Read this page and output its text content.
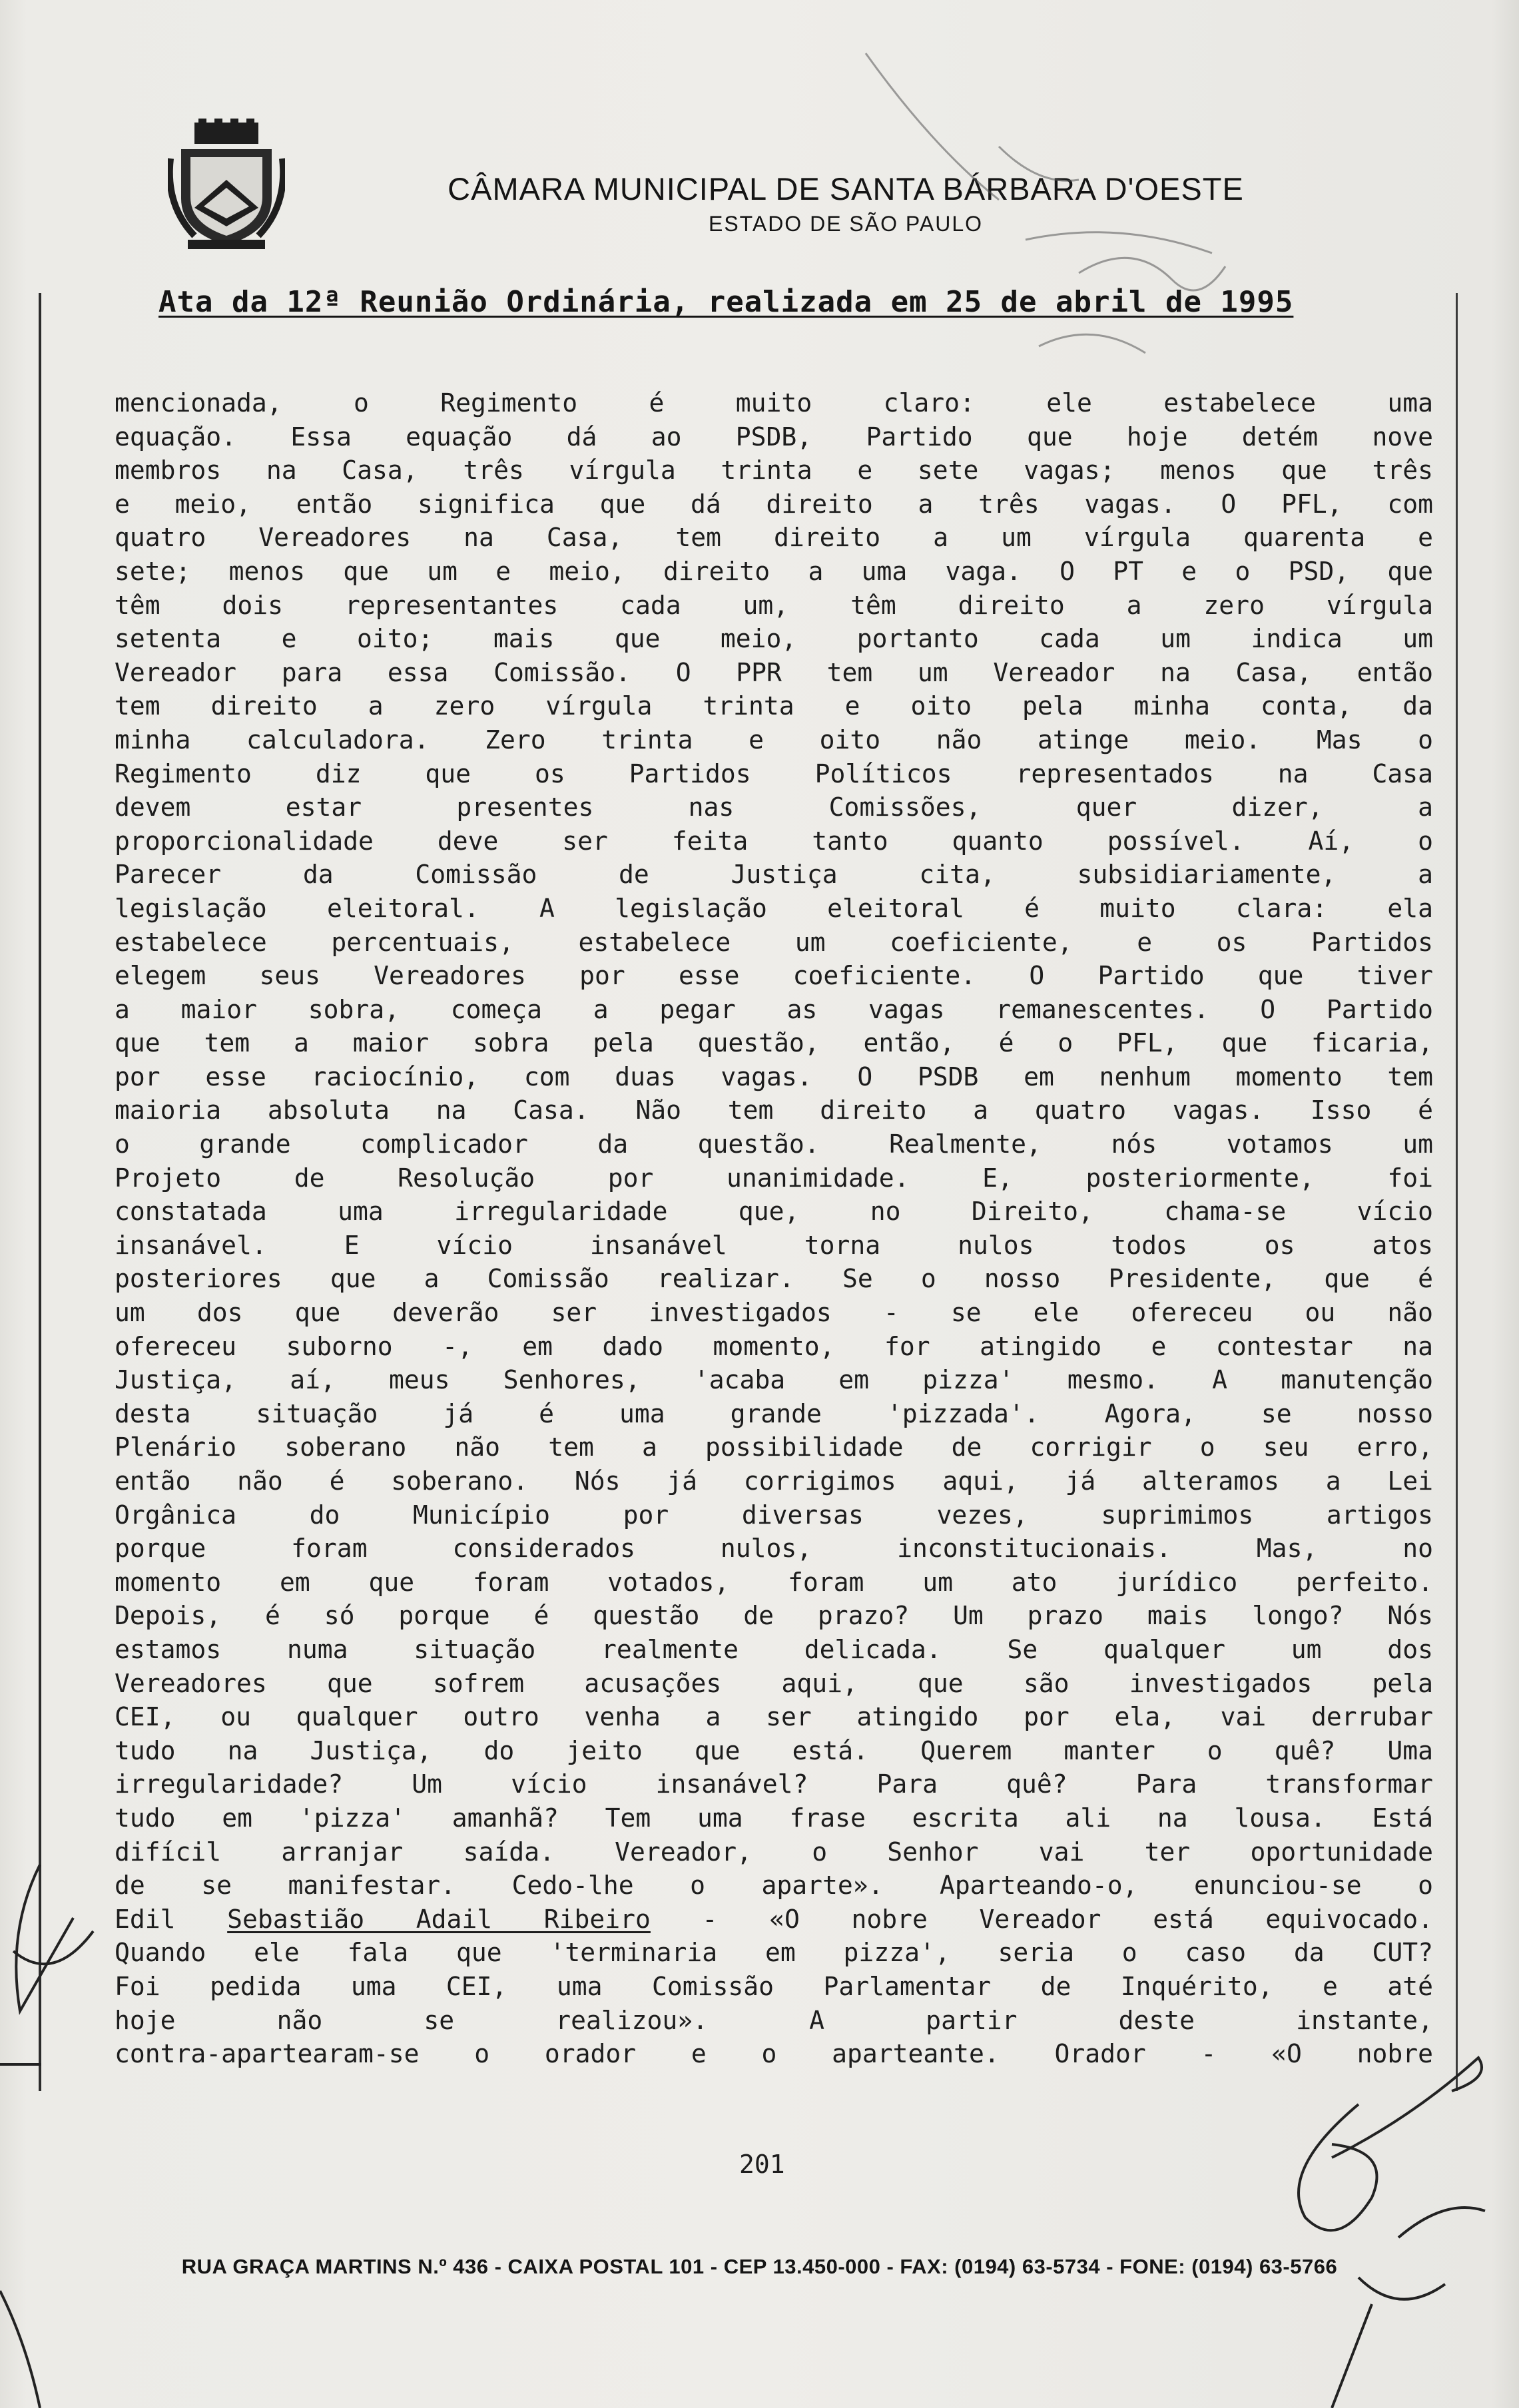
CÂMARA MUNICIPAL DE SANTA BÁRBARA D'OESTE
ESTADO DE SÃO PAULO
Ata da 12ª Reunião Ordinária, realizada em 25 de abril de 1995
mencionada, o Regimento é muito claro: ele estabelece uma
equação. Essa equação dá ao PSDB, Partido que hoje detém nove
membros na Casa, três vírgula trinta e sete vagas; menos que três
e meio, então significa que dá direito a três vagas. O PFL, com
quatro Vereadores na Casa, tem direito a um vírgula quarenta e
sete; menos que um e meio, direito a uma vaga. O PT e o PSD, que
têm dois representantes cada um, têm direito a zero vírgula
setenta e oito; mais que meio, portanto cada um indica um
Vereador para essa Comissão. O PPR tem um Vereador na Casa, então
tem direito a zero vírgula trinta e oito pela minha conta, da
minha calculadora. Zero trinta e oito não atinge meio. Mas o
Regimento diz que os Partidos Políticos representados na Casa
devem estar presentes nas Comissões, quer dizer, a
proporcionalidade deve ser feita tanto quanto possível. Aí, o
Parecer da Comissão de Justiça cita, subsidiariamente, a
legislação eleitoral. A legislação eleitoral é muito clara: ela
estabelece percentuais, estabelece um coeficiente, e os Partidos
elegem seus Vereadores por esse coeficiente. O Partido que tiver
a maior sobra, começa a pegar as vagas remanescentes. O Partido
que tem a maior sobra pela questão, então, é o PFL, que ficaria,
por esse raciocínio, com duas vagas. O PSDB em nenhum momento tem
maioria absoluta na Casa. Não tem direito a quatro vagas. Isso é
o grande complicador da questão. Realmente, nós votamos um
Projeto de Resolução por unanimidade. E, posteriormente, foi
constatada uma irregularidade que, no Direito, chama-se vício
insanável. E vício insanável torna nulos todos os atos
posteriores que a Comissão realizar. Se o nosso Presidente, que é
um dos que deverão ser investigados - se ele ofereceu ou não
ofereceu suborno -, em dado momento, for atingido e contestar na
Justiça, aí, meus Senhores, 'acaba em pizza' mesmo. A manutenção
desta situação já é uma grande 'pizzada'. Agora, se nosso
Plenário soberano não tem a possibilidade de corrigir o seu erro,
então não é soberano. Nós já corrigimos aqui, já alteramos a Lei
Orgânica do Município por diversas vezes, suprimimos artigos
porque foram considerados nulos, inconstitucionais. Mas, no
momento em que foram votados, foram um ato jurídico perfeito.
Depois, é só porque é questão de prazo? Um prazo mais longo? Nós
estamos numa situação realmente delicada. Se qualquer um dos
Vereadores que sofrem acusações aqui, que são investigados pela
CEI, ou qualquer outro venha a ser atingido por ela, vai derrubar
tudo na Justiça, do jeito que está. Querem manter o quê? Uma
irregularidade? Um vício insanável? Para quê? Para transformar
tudo em 'pizza' amanhã? Tem uma frase escrita ali na lousa. Está
difícil arranjar saída. Vereador, o Senhor vai ter oportunidade
de se manifestar. Cedo-lhe o aparte». Aparteando-o, enunciou-se o
Edil Sebastião Adail Ribeiro - «O nobre Vereador está equivocado.
Quando ele fala que 'terminaria em pizza', seria o caso da CUT?
Foi pedida uma CEI, uma Comissão Parlamentar de Inquérito, e até
hoje não se realizou». A partir deste instante,
contra-apartearam-se o orador e o aparteante. Orador - «O nobre
201
RUA GRAÇA MARTINS N.º 436 - CAIXA POSTAL 101 - CEP 13.450-000 - FAX: (0194) 63-5734 - FONE: (0194) 63-5766
